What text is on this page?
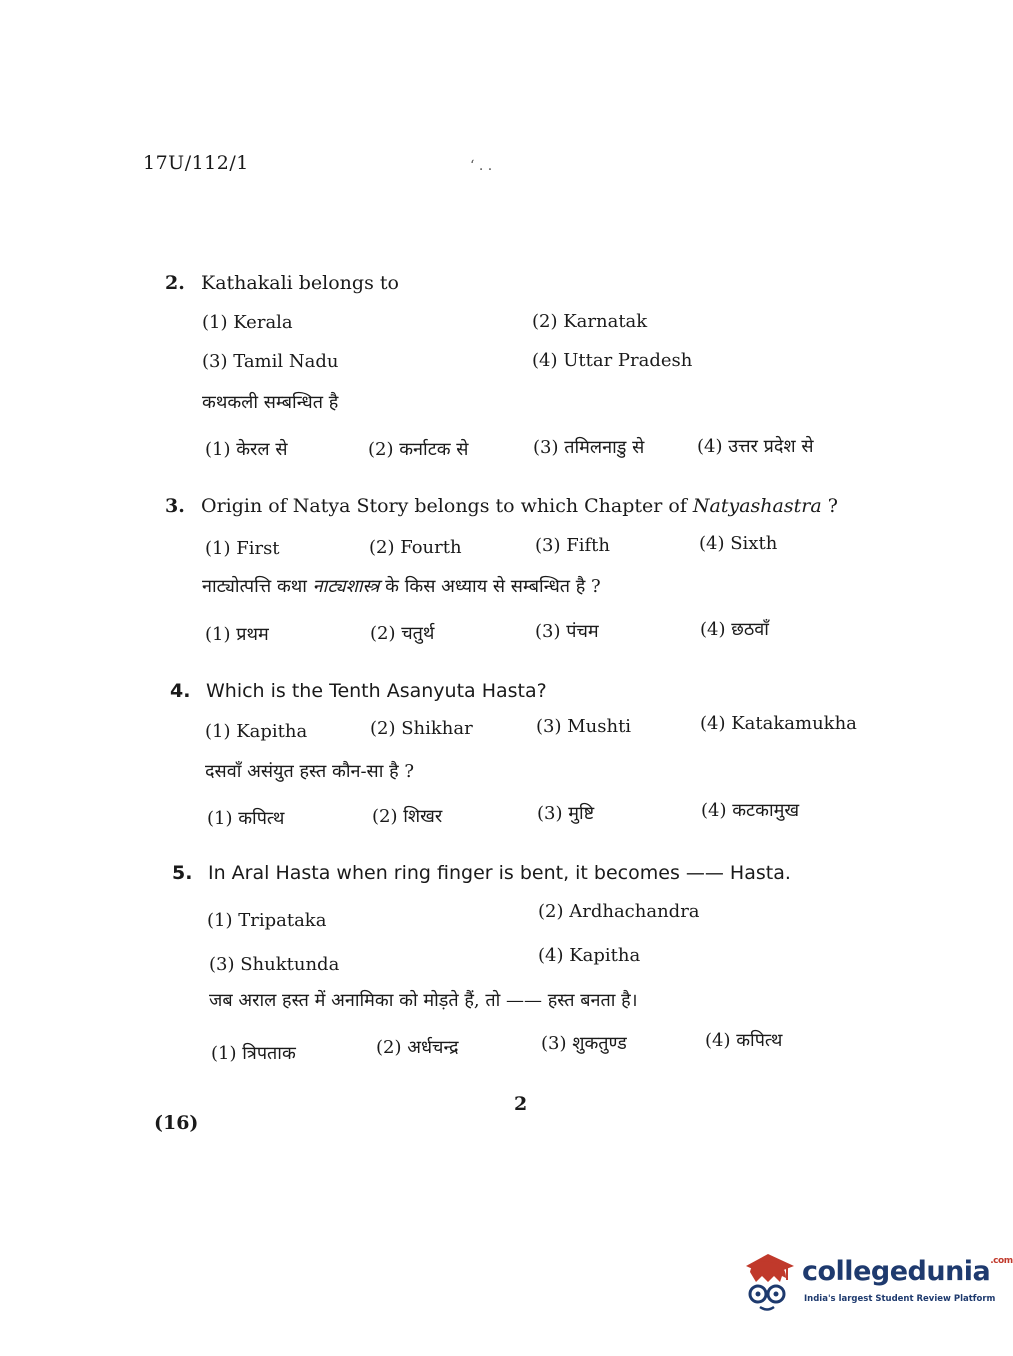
17U/112/1	‘ . .
2. Kathakali belongs to
(1) Kerala	(2) Karnatak
(3) Tamil Nadu	(4) Uttar Pradesh
कथकली सम्बन्धित है
(1) केरल से	(2) कर्नाटक से	(3) तमिलनाडु से	(4) उत्तर प्रदेश से
3. Origin of Natya Story belongs to which Chapter of Natyashastra ?
(1) First	(2) Fourth	(3) Fifth	(4) Sixth
नाट्योत्पत्ति कथा नाट्यशास्त्र के किस अध्याय से सम्बन्धित है ?
(1) प्रथम	(2) चतुर्थ	(3) पंचम	(4) छठवाँ
4. Which is the Tenth Asanyuta Hasta?
(1) Kapitha	(2) Shikhar	(3) Mushti	(4) Katakamukha
दसवाँ असंयुत हस्त कौन-सा है ?
(1) कपित्थ	(2) शिखर	(3) मुष्टि	(4) कटकामुख
5. In Aral Hasta when ring finger is bent, it becomes —— Hasta.
(1) Tripataka	(2) Ardhachandra
(3) Shuktunda	(4) Kapitha
जब अराल हस्त में अनामिका को मोड़ते हैं, तो —— हस्त बनता है।
(1) त्रिपताक	(2) अर्धचन्द्र	(3) शुकतुण्ड	(4) कपित्थ
2
(16)
collegedunia$^{.com}$
India's largest Student Review Platform
